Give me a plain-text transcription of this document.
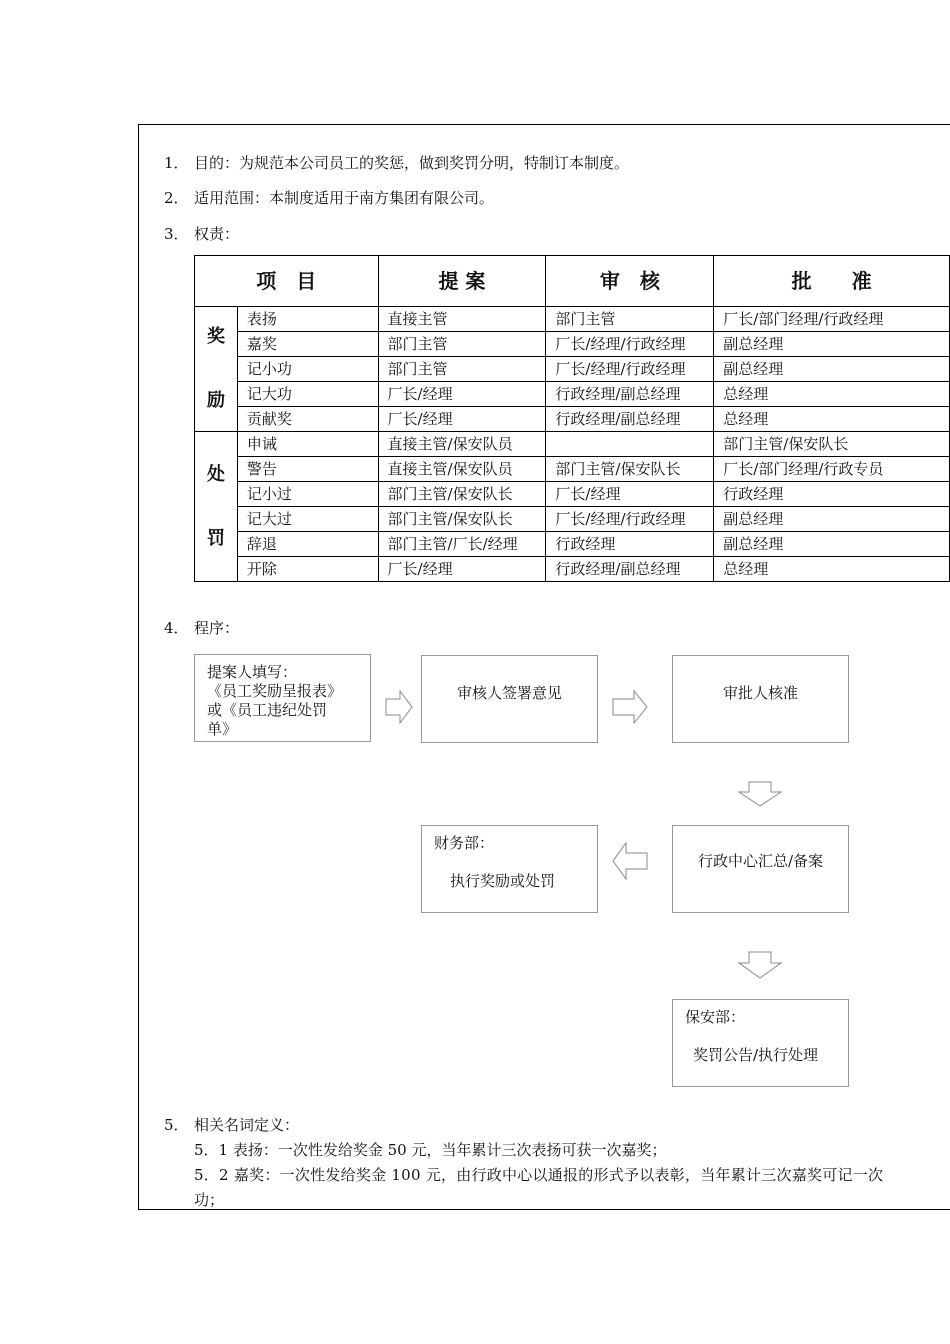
1． 目的：为规范本公司员工的奖惩，做到奖罚分明，特制订本制度。
2． 适用范围：本制度适用于南方集团有限公司。
3． 权责：
项　目		提 案	审　核	批　　准
奖

励	表扬	直接主管	部门主管	厂长/部门经理/行政经理
	嘉奖	部门主管	厂长/经理/行政经理	副总经理
	记小功	部门主管	厂长/经理/行政经理	副总经理
	记大功	厂长/经理	行政经理/副总经理	总经理
	贡献奖	厂长/经理	行政经理/副总经理	总经理
处

罚	申诫	直接主管/保安队员		部门主管/保安队长
	警告	直接主管/保安队员	部门主管/保安队长	厂长/部门经理/行政专员
	记小过	部门主管/保安队长	厂长/经理	行政经理
	记大过	部门主管/保安队长	厂长/经理/行政经理	副总经理
	辞退	部门主管/厂长/经理	行政经理	副总经理
	开除	厂长/经理	行政经理/副总经理	总经理
4． 程序：
提案人填写：
《员工奖励呈报表》
或《员工违纪处罚
单》
审核人签署意见	审批人核准
行政中心汇总/备案
财务部：
执行奖励或处罚
保安部：
奖罚公告/执行处理
5． 相关名词定义：
5．1 表扬：一次性发给奖金 50 元，当年累计三次表扬可获一次嘉奖；
5．2 嘉奖：一次性发给奖金 100 元，由行政中心以通报的形式予以表彰，当年累计三次嘉奖可记一次
功；
